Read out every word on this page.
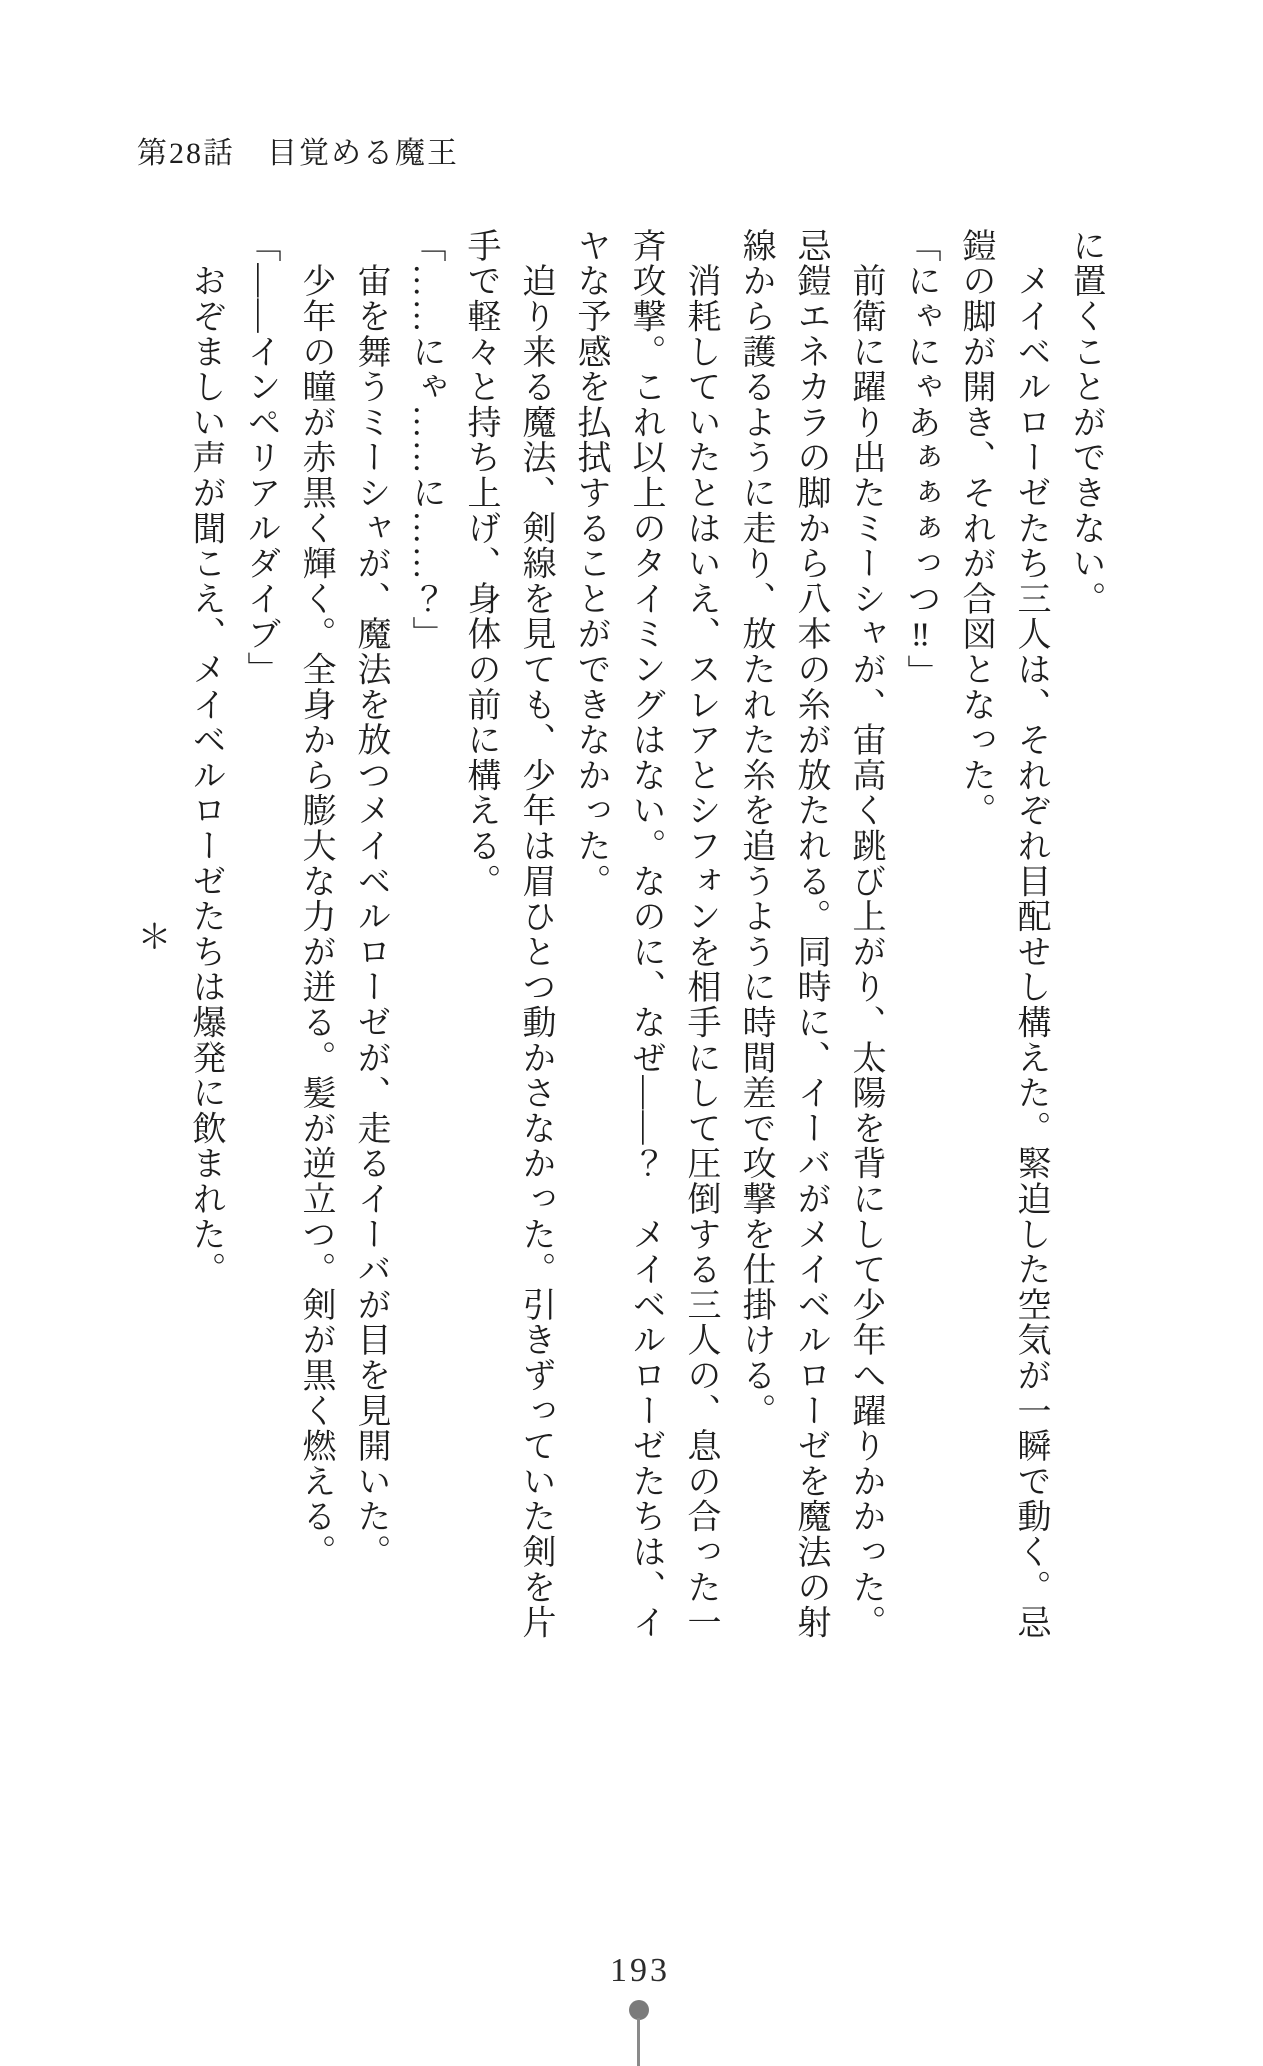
第28話　目覚める魔王

に置くことができない。

　メイベルローゼたち三人は、それぞれ目配せし構えた。緊迫した空気が一瞬で動く。忌鎧の脚が開き、それが合図となった。

「にゃにゃあぁぁぁっつ‼」

　前衛に躍り出たミーシャが、宙高く跳び上がり、太陽を背にして少年へ躍りかかった。忌鎧エネカラの脚から八本の糸が放たれる。同時に、イーバがメイベルローゼを魔法の射線から護るように走り、放たれた糸を追うように時間差で攻撃を仕掛ける。

　消耗していたとはいえ、スレアとシフォンを相手にして圧倒する三人の、息の合った一斉攻撃。これ以上のタイミングはない。なのに、なぜ――？　メイベルローゼたちは、イヤな予感を払拭することができなかった。

　迫り来る魔法、剣線を見ても、少年は眉ひとつ動かさなかった。引きずっていた剣を片手で軽々と持ち上げ、身体の前に構える。

「……にゃ……に……？」

　宙を舞うミーシャが、魔法を放つメイベルローゼが、走るイーバが目を見開いた。

　少年の瞳が赤黒く輝く。全身から膨大な力が迸る。髪が逆立つ。剣が黒く燃える。

「――インペリアルダイブ」

　おぞましい声が聞こえ、メイベルローゼたちは爆発に飲まれた。

＊

193
